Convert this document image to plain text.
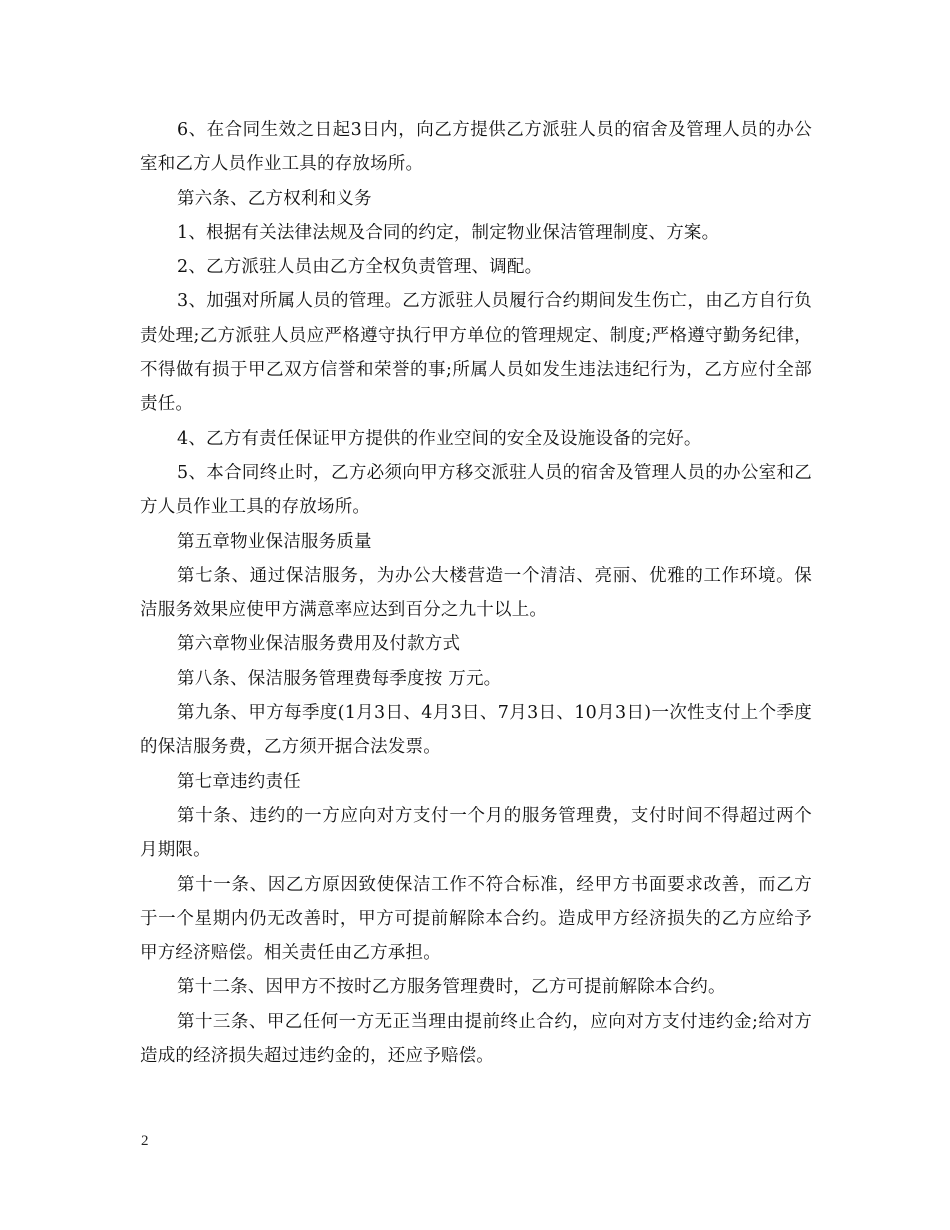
6、在合同生效之日起3日内，向乙方提供乙方派驻人员的宿舍及管理人员的办公室和乙方人员作业工具的存放场所。

第六条、乙方权利和义务

1、根据有关法律法规及合同的约定，制定物业保洁管理制度、方案。

2、乙方派驻人员由乙方全权负责管理、调配。

3、加强对所属人员的管理。乙方派驻人员履行合约期间发生伤亡，由乙方自行负责处理;乙方派驻人员应严格遵守执行甲方单位的管理规定、制度;严格遵守勤务纪律，不得做有损于甲乙双方信誉和荣誉的事;所属人员如发生违法违纪行为，乙方应付全部责任。

4、乙方有责任保证甲方提供的作业空间的安全及设施设备的完好。

5、本合同终止时，乙方必须向甲方移交派驻人员的宿舍及管理人员的办公室和乙方人员作业工具的存放场所。

第五章物业保洁服务质量

第七条、通过保洁服务，为办公大楼营造一个清洁、亮丽、优雅的工作环境。保洁服务效果应使甲方满意率应达到百分之九十以上。

第六章物业保洁服务费用及付款方式

第八条、保洁服务管理费每季度按 万元。

第九条、甲方每季度(1月3日、4月3日、7月3日、10月3日)一次性支付上个季度的保洁服务费，乙方须开据合法发票。

第七章违约责任

第十条、违约的一方应向对方支付一个月的服务管理费，支付时间不得超过两个月期限。

第十一条、因乙方原因致使保洁工作不符合标准，经甲方书面要求改善，而乙方于一个星期内仍无改善时，甲方可提前解除本合约。造成甲方经济损失的乙方应给予甲方经济赔偿。相关责任由乙方承担。

第十二条、因甲方不按时乙方服务管理费时，乙方可提前解除本合约。

第十三条、甲乙任何一方无正当理由提前终止合约，应向对方支付违约金;给对方造成的经济损失超过违约金的，还应予赔偿。

2
